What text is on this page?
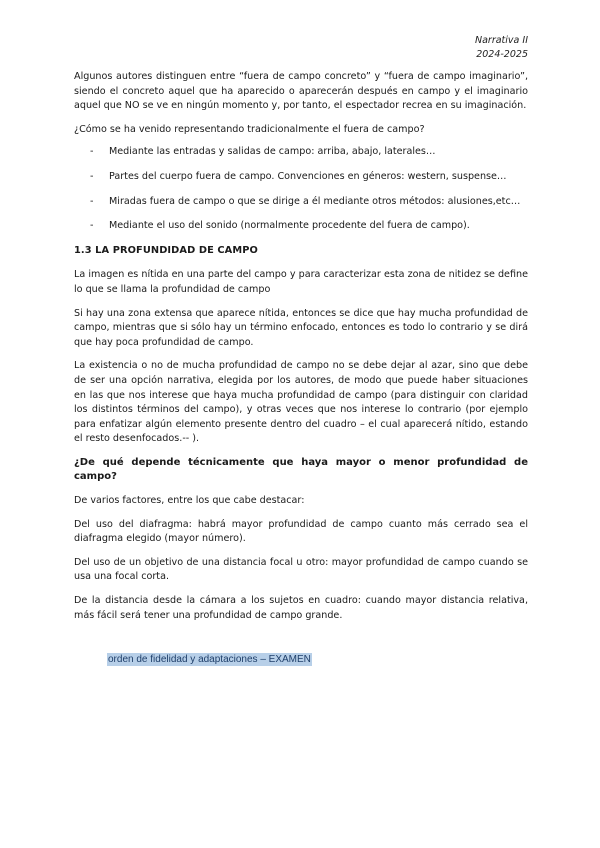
Narrativa II
2024-2025

Algunos autores distinguen entre “fuera de campo concreto” y “fuera de campo imaginario”, siendo el concreto aquel que ha aparecido o aparecerán después en campo y el imaginario aquel que NO se ve en ningún momento y, por tanto, el espectador recrea en su imaginación.

¿Cómo se ha venido representando tradicionalmente el fuera de campo?

- Mediante las entradas y salidas de campo: arriba, abajo, laterales…
- Partes del cuerpo fuera de campo. Convenciones en géneros: western, suspense…
- Miradas fuera de campo o que se dirige a él mediante otros métodos: alusiones,etc…
- Mediante el uso del sonido (normalmente procedente del fuera de campo).
1.3 LA PROFUNDIDAD DE CAMPO

La imagen es nítida en una parte del campo y para caracterizar esta zona de nitidez se define lo que se llama la profundidad de campo

Si hay una zona extensa que aparece nítida, entonces se dice que hay mucha profundidad de campo, mientras que si sólo hay un término enfocado, entonces es todo lo contrario y se dirá que hay poca profundidad de campo.

La existencia o no de mucha profundidad de campo no se debe dejar al azar, sino que debe de ser una opción narrativa, elegida por los autores, de modo que puede haber situaciones en las que nos interese que haya mucha profundidad de campo (para distinguir con claridad los distintos términos del campo), y otras veces que nos interese lo contrario (por ejemplo para enfatizar algún elemento presente dentro del cuadro – el cual aparecerá nítido, estando el resto desenfocados.-- ).

¿De qué depende técnicamente que haya mayor o menor profundidad de campo?

De varios factores, entre los que cabe destacar:

Del uso del diafragma: habrá mayor profundidad de campo cuanto más cerrado sea el diafragma elegido (mayor número).

Del uso de un objetivo de una distancia focal u otro: mayor profundidad de campo cuando se usa una focal corta.

De la distancia desde la cámara a los sujetos en cuadro: cuando mayor distancia relativa, más fácil será tener una profundidad de campo grande.

orden de fidelidad y adaptaciones – EXAMEN
